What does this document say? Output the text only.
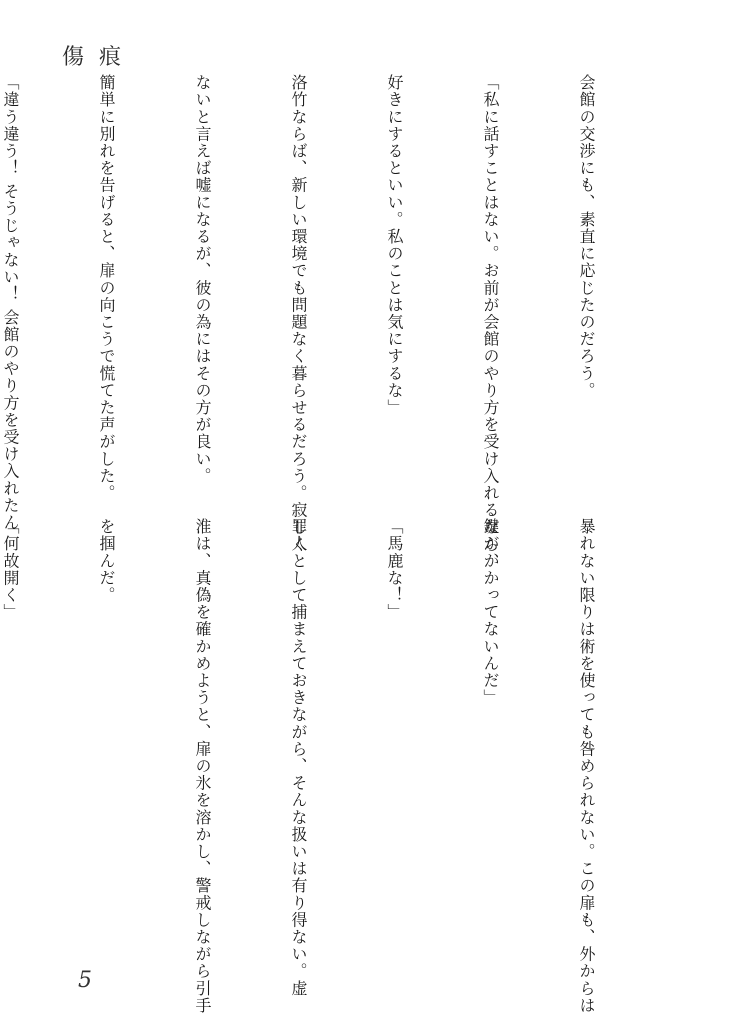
傷 痕

会館の交渉にも、素直に応じたのだろう。

「私に話すことはない。お前が会館のやり方を受け入れるなら、

好きにするといい。私のことは気にするな」

洛竹ならば、新しい環境でも問題なく暮らせるだろう。寂しく

ないと言えば嘘になるが、彼の為にはその方が良い。

簡単に別れを告げると、扉の向こうで慌てた声がした。

「違う違う！ そうじゃない！ 会館のやり方を受け入れたん

暴れない限りは術を使っても咎められない。この扉も、外からは

鍵がかかってないんだ」

「馬鹿な！」

罪人として捕まえておきながら、そんな扱いは有り得ない。虚

淮は、真偽を確かめようと、扉の氷を溶かし、警戒しながら引手

を掴んだ。

「何故開く」

5
